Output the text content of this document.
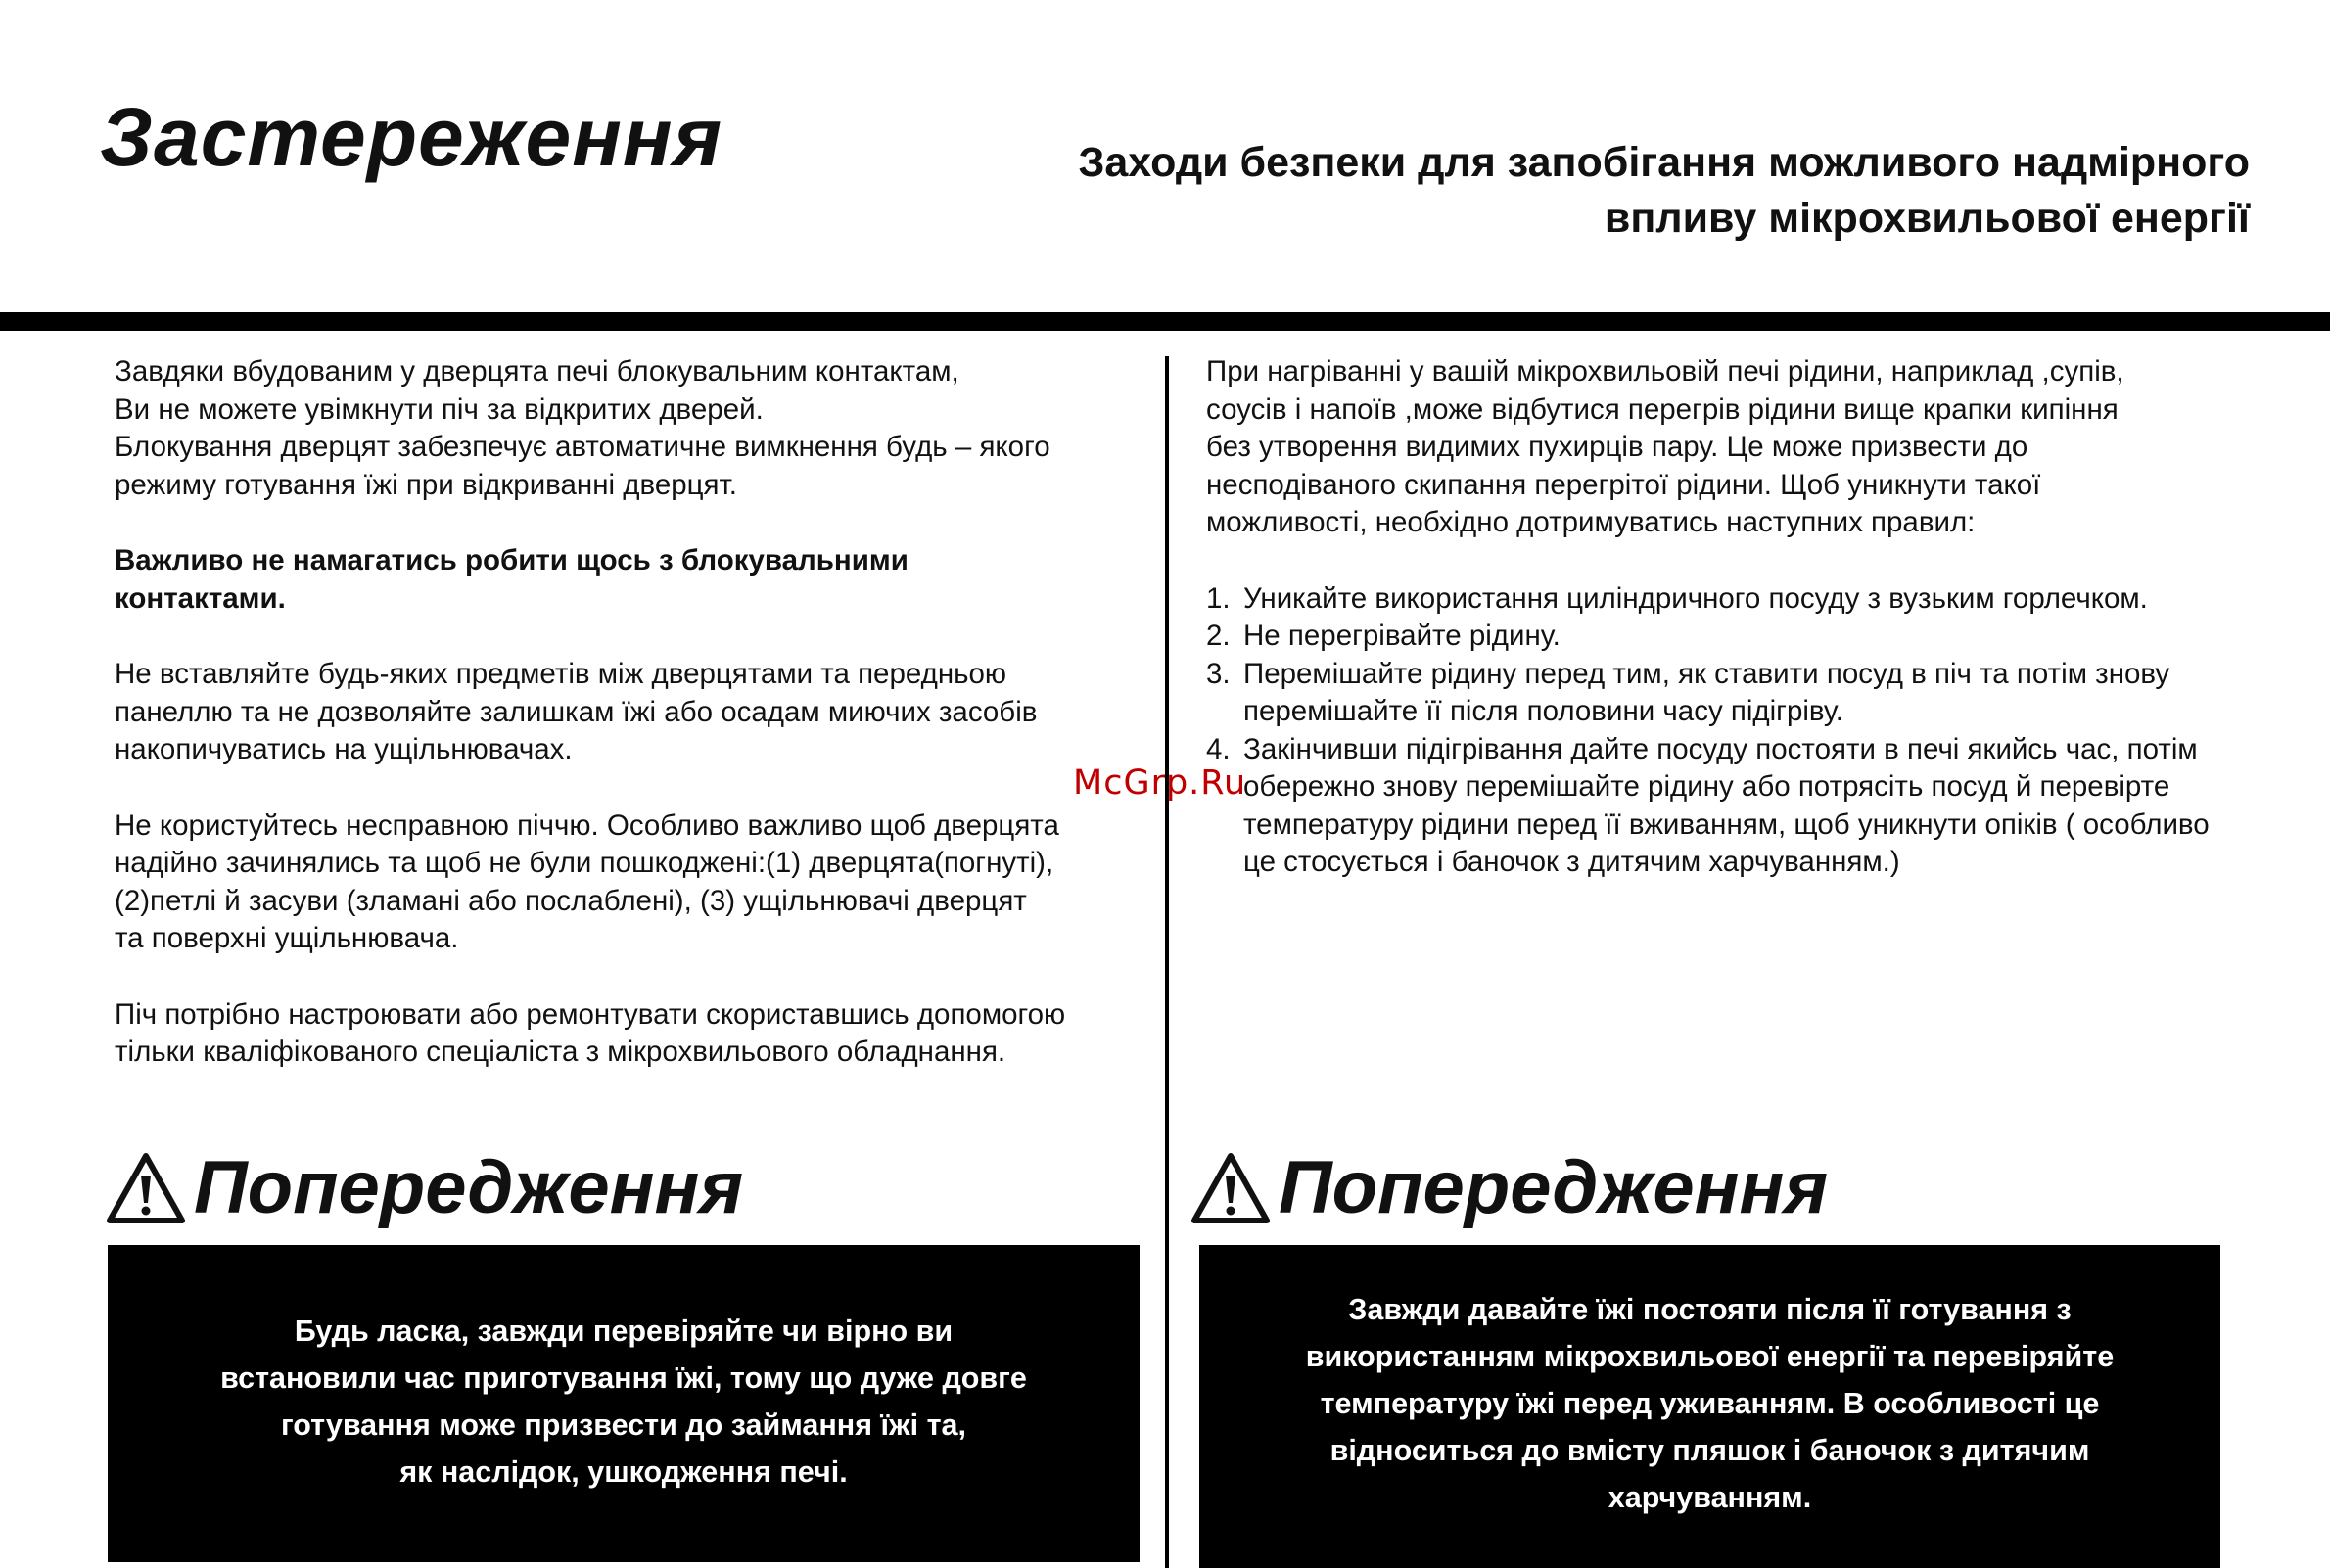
Застереження	Заходи безпеки для запобігання можливого надмірного
впливу мікрохвильової енергії

Завдяки вбудованим у дверцята печі блокувальним контактам,
Ви не можете увімкнути піч за відкритих дверей.
Блокування дверцят забезпечує автоматичне вимкнення будь – якого
режиму готування їжі при відкриванні дверцят.

Важливо не намагатись робити щось з блокувальними
контактами.

Не вставляйте будь-яких предметів між дверцятами та передньою
панеллю та не дозволяйте залишкам їжі або осадам миючих засобів
накопичуватись на ущільнювачах.

Не користуйтесь несправною піччю. Особливо важливо щоб дверцята
надійно зачинялись та щоб не були пошкоджені:(1) дверцята(погнуті),
(2)петлі й засуви (зламані або послаблені), (3) ущільнювачі дверцят
та поверхні ущільнювача.

Піч потрібно настроювати або ремонтувати скориставшись допомогою
тільки кваліфікованого спеціаліста з мікрохвильового обладнання.

При нагріванні у вашій мікрохвильовій печі рідини, наприклад ,супів,
соусів і напоїв ,може відбутися перегрів рідини вище крапки кипіння
без утворення видимих пухирців пару. Це може призвести до
несподіваного скипання перегрітої рідини. Щоб уникнути такої
можливості, необхідно дотримуватись наступних правил:

1. Уникайте використання циліндричного посуду з вузьким горлечком.
2. Не перегрівайте рідину.
3. Перемішайте рідину перед тим, як ставити посуд в піч та потім знову
перемішайте її після половини часу підігріву.
4. Закінчивши підігрівання дайте посуду постояти в печі якийсь час, потім
обережно знову перемішайте рідину або потрясіть посуд й перевірте
температуру рідини перед її вживанням, щоб уникнути опіків ( особливо
це стосується і баночок з дитячим харчуванням.)
McGrp.Ru
Попередження	Попередження
Будь ласка, завжди перевіряйте чи вірно ви
встановили час приготування їжі, тому що дуже довге
готування може призвести до займання їжі та,
як наслідок, ушкодження печі.
Завжди давайте їжі постояти після її готування з
використанням мікрохвильової енергії та перевіряйте
температуру їжі перед уживанням. В особливості це
відноситься до вмісту пляшок і баночок з дитячим
харчуванням.
